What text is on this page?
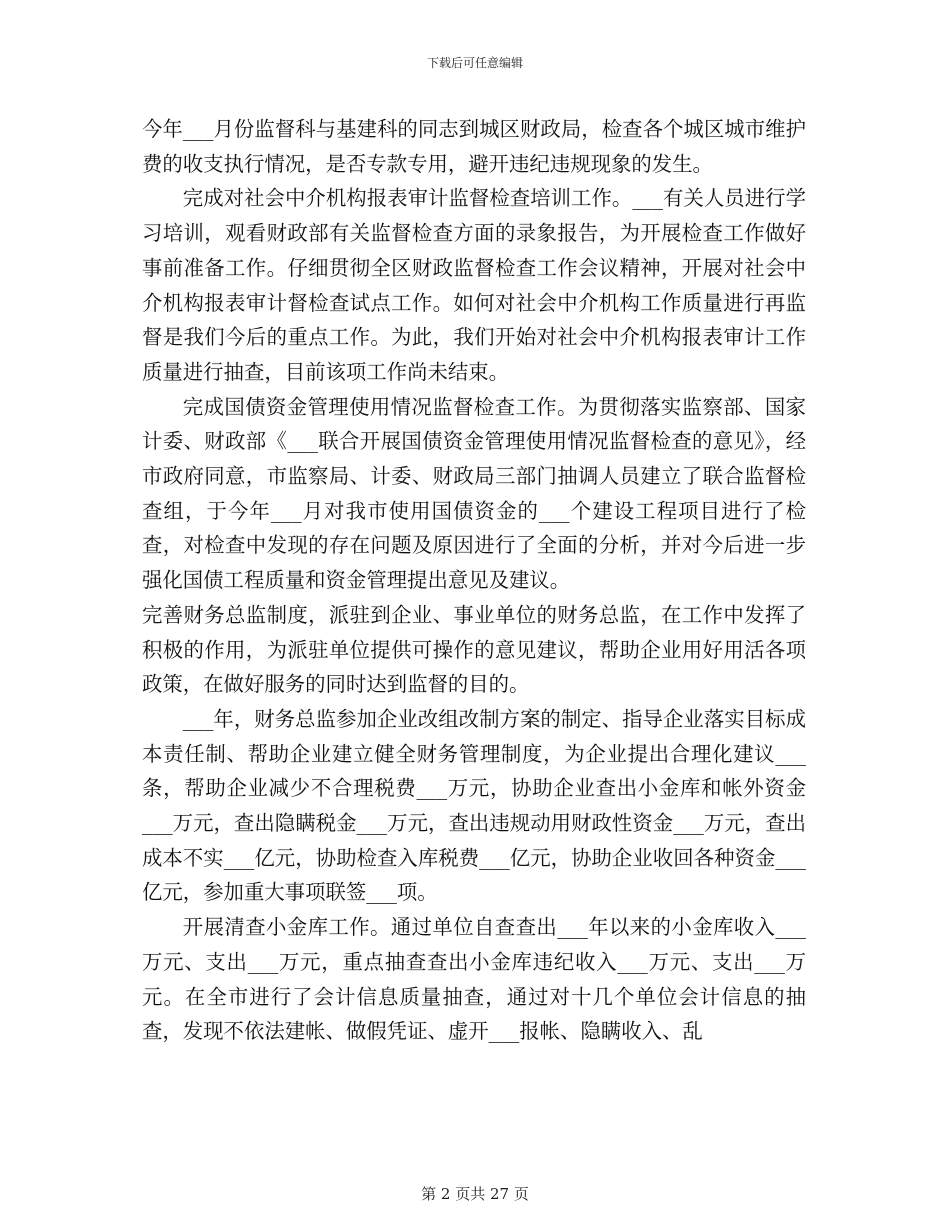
下载后可任意编辑

今年___月份监督科与基建科的同志到城区财政局，检查各个城区城市维护费的收支执行情况，是否专款专用，避开违纪违规现象的发生。

完成对社会中介机构报表审计监督检查培训工作。___有关人员进行学习培训，观看财政部有关监督检查方面的录象报告，为开展检查工作做好事前准备工作。仔细贯彻全区财政监督检查工作会议精神，开展对社会中介机构报表审计督检查试点工作。如何对社会中介机构工作质量进行再监督是我们今后的重点工作。为此，我们开始对社会中介机构报表审计工作质量进行抽查，目前该项工作尚未结束。

完成国债资金管理使用情况监督检查工作。为贯彻落实监察部、国家计委、财政部《___联合开展国债资金管理使用情况监督检查的意见》，经市政府同意，市监察局、计委、财政局三部门抽调人员建立了联合监督检查组，于今年___月对我市使用国债资金的___个建设工程项目进行了检查，对检查中发现的存在问题及原因进行了全面的分析，并对今后进一步强化国债工程质量和资金管理提出意见及建议。

完善财务总监制度，派驻到企业、事业单位的财务总监，在工作中发挥了积极的作用，为派驻单位提供可操作的意见建议，帮助企业用好用活各项政策，在做好服务的同时达到监督的目的。

___年，财务总监参加企业改组改制方案的制定、指导企业落实目标成本责任制、帮助企业建立健全财务管理制度，为企业提出合理化建议___条，帮助企业减少不合理税费___万元，协助企业查出小金库和帐外资金___万元，查出隐瞒税金___万元，查出违规动用财政性资金___万元，查出成本不实___亿元，协助检查入库税费___亿元，协助企业收回各种资金___亿元，参加重大事项联签___项。

开展清查小金库工作。通过单位自查查出___年以来的小金库收入___万元、支出___万元，重点抽查查出小金库违纪收入___万元、支出___万元。在全市进行了会计信息质量抽查，通过对十几个单位会计信息的抽查，发现不依法建帐、做假凭证、虚开___报帐、隐瞒收入、乱

第 2 页共 27 页
